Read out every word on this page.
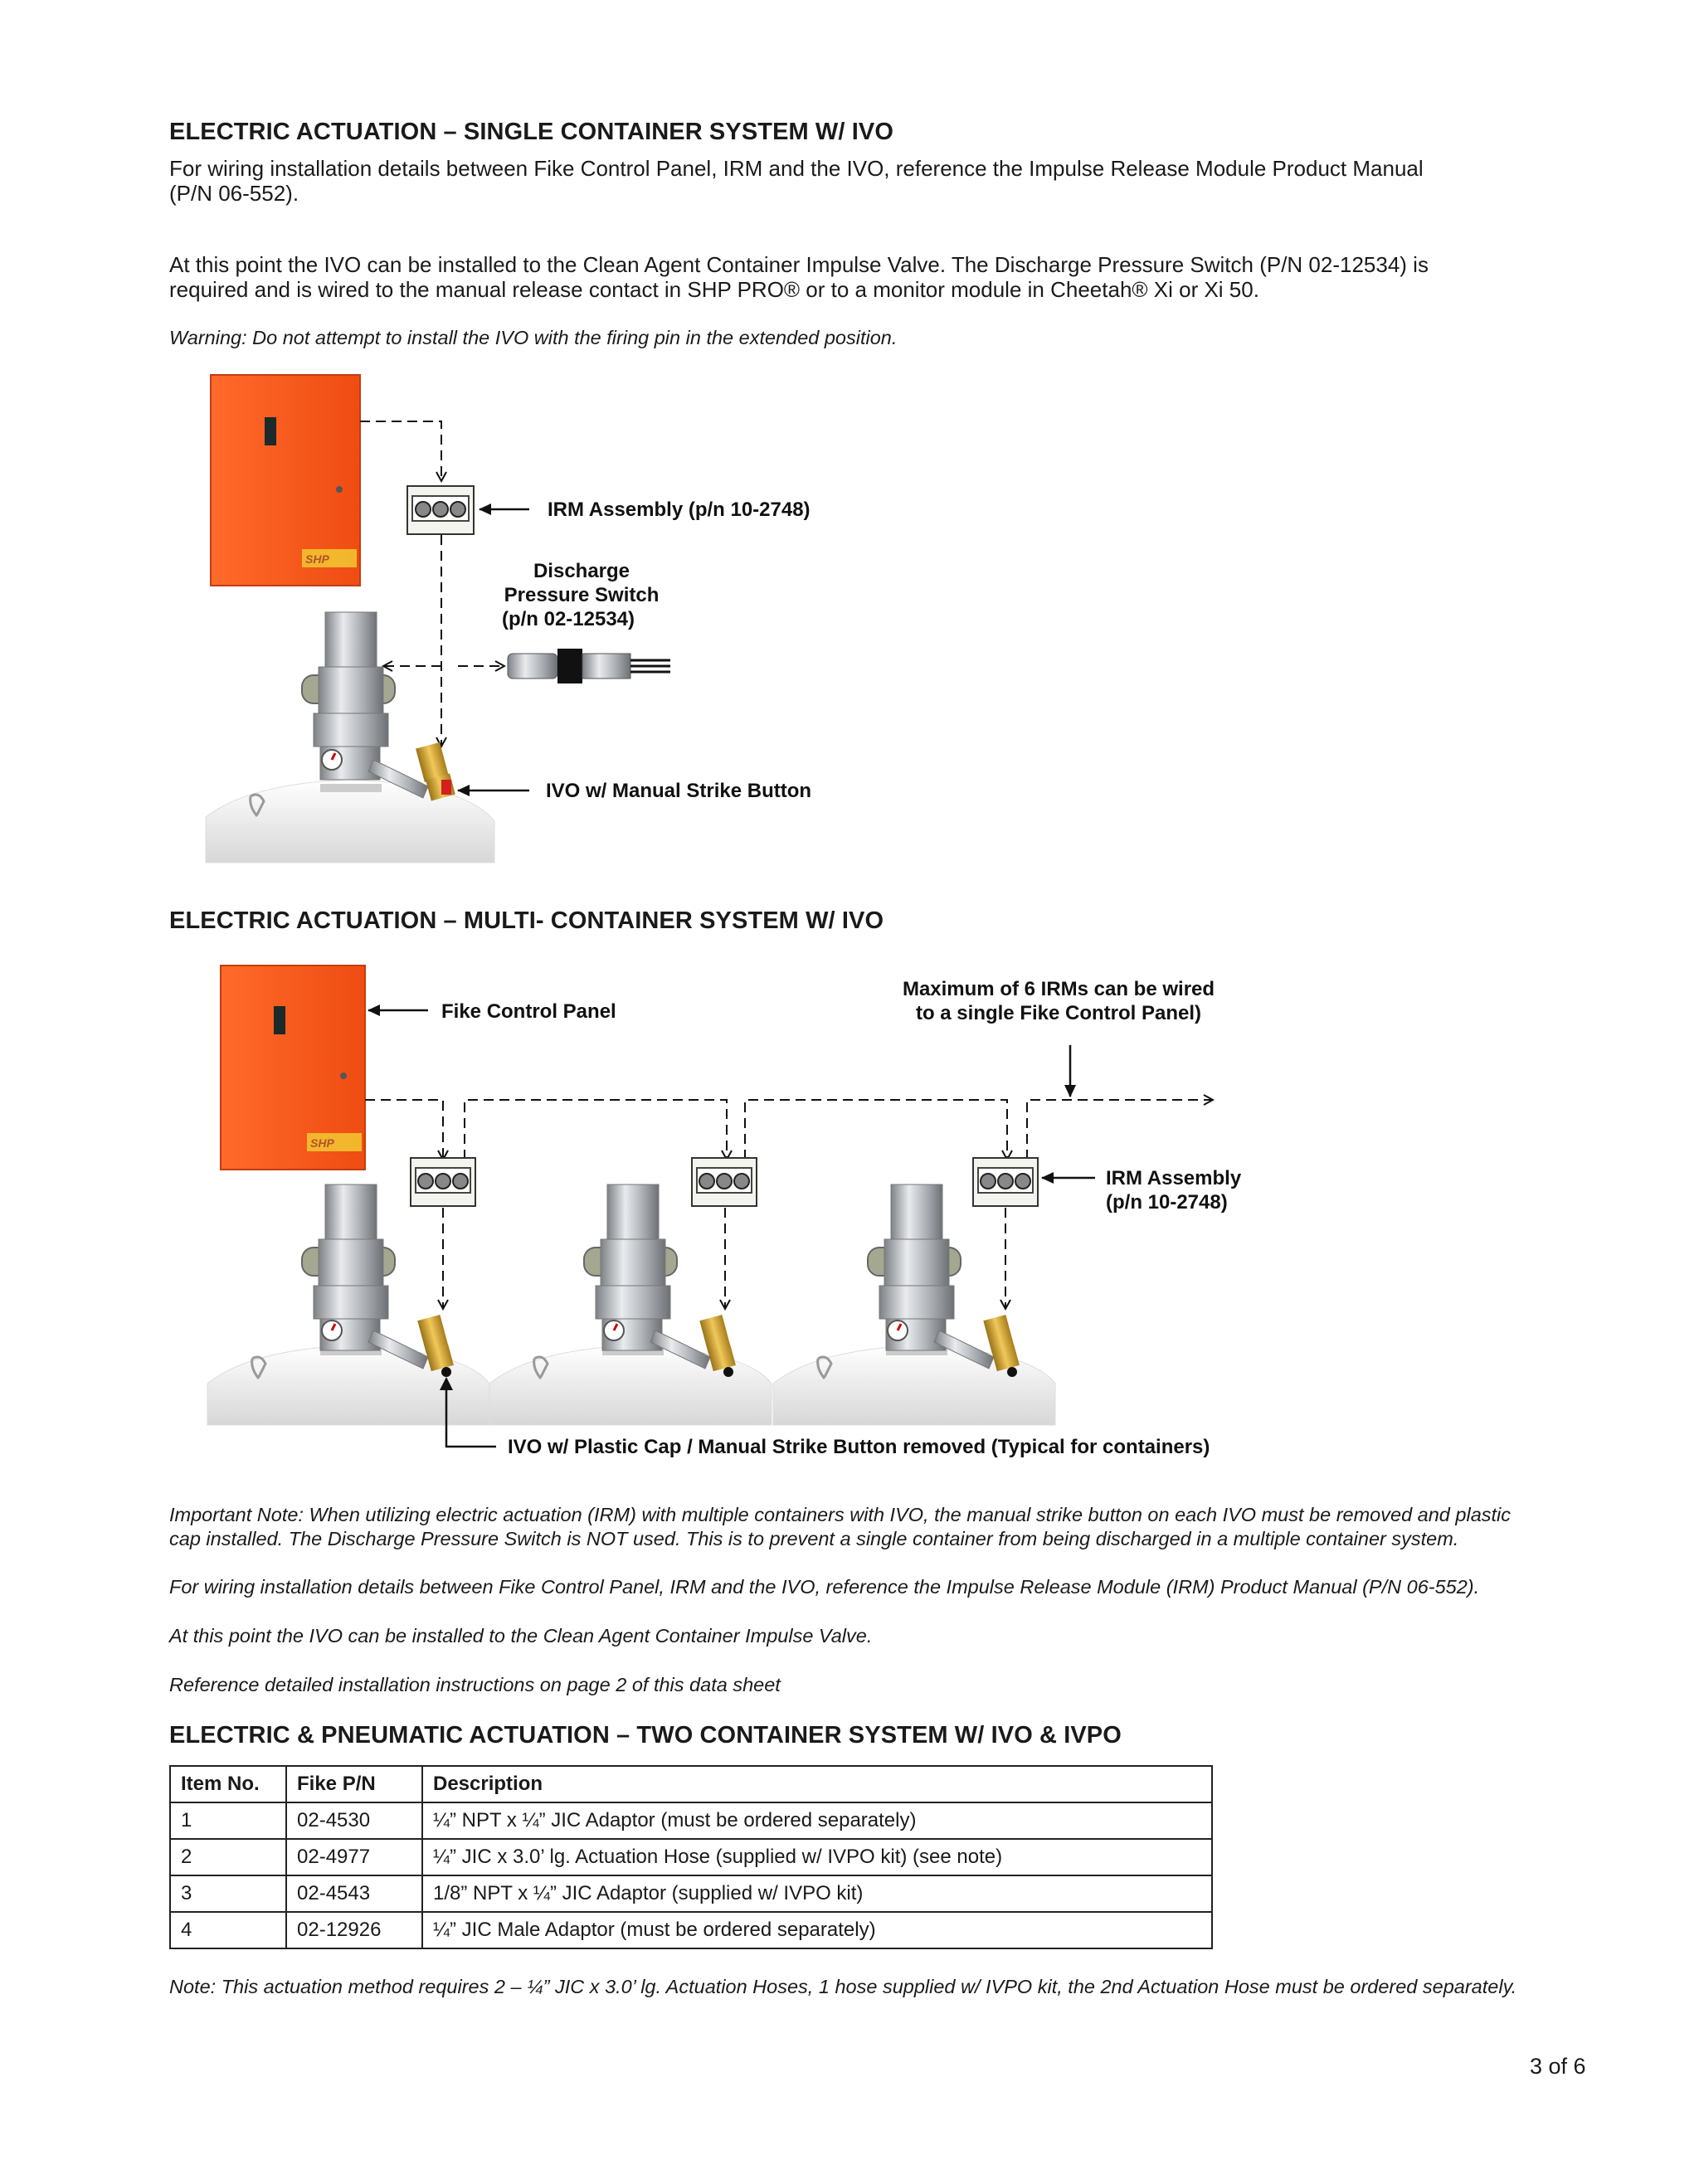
ELECTRIC ACTUATION – SINGLE CONTAINER SYSTEM W/ IVO
For wiring installation details between Fike Control Panel, IRM and the IVO, reference the Impulse Release Module Product Manual (P/N 06-552).
At this point the IVO can be installed to the Clean Agent Container Impulse Valve. The Discharge Pressure Switch (P/N 02-12534) is required and is wired to the manual release contact in SHP PRO® or to a monitor module in Cheetah® Xi or Xi 50.
Warning: Do not attempt to install the IVO with the firing pin in the extended position.
SHP
IRM Assembly (p/n 10-2748)
Discharge
Pressure Switch
(p/n 02-12534)
IVO w/ Manual Strike Button
ELECTRIC ACTUATION – MULTI- CONTAINER SYSTEM W/ IVO
SHP
Fike Control Panel
Maximum of 6 IRMs can be wired
to a single Fike Control Panel)
IRM Assembly
(p/n 10-2748)
IVO w/ Plastic Cap / Manual Strike Button removed (Typical for containers)
Important Note: When utilizing electric actuation (IRM) with multiple containers with IVO, the manual strike button on each IVO must be removed and plastic cap installed. The Discharge Pressure Switch is NOT used. This is to prevent a single container from being discharged in a multiple container system.
For wiring installation details between Fike Control Panel, IRM and the IVO, reference the Impulse Release Module (IRM) Product Manual (P/N 06-552).
At this point the IVO can be installed to the Clean Agent Container Impulse Valve.
Reference detailed installation instructions on page 2 of this data sheet
ELECTRIC & PNEUMATIC ACTUATION – TWO CONTAINER SYSTEM W/ IVO & IVPO
Item No.	Fike P/N	Description
1	02-4530	¼” NPT x ¼” JIC Adaptor (must be ordered separately)
2	02-4977	¼” JIC x 3.0’ lg. Actuation Hose (supplied w/ IVPO kit) (see note)
3	02-4543	1/8” NPT x ¼” JIC Adaptor (supplied w/ IVPO kit)
4	02-12926	¼” JIC Male Adaptor (must be ordered separately)
Note: This actuation method requires 2 – ¼” JIC x 3.0’ lg. Actuation Hoses, 1 hose supplied w/ IVPO kit, the 2nd Actuation Hose must be ordered separately.
3 of 6
